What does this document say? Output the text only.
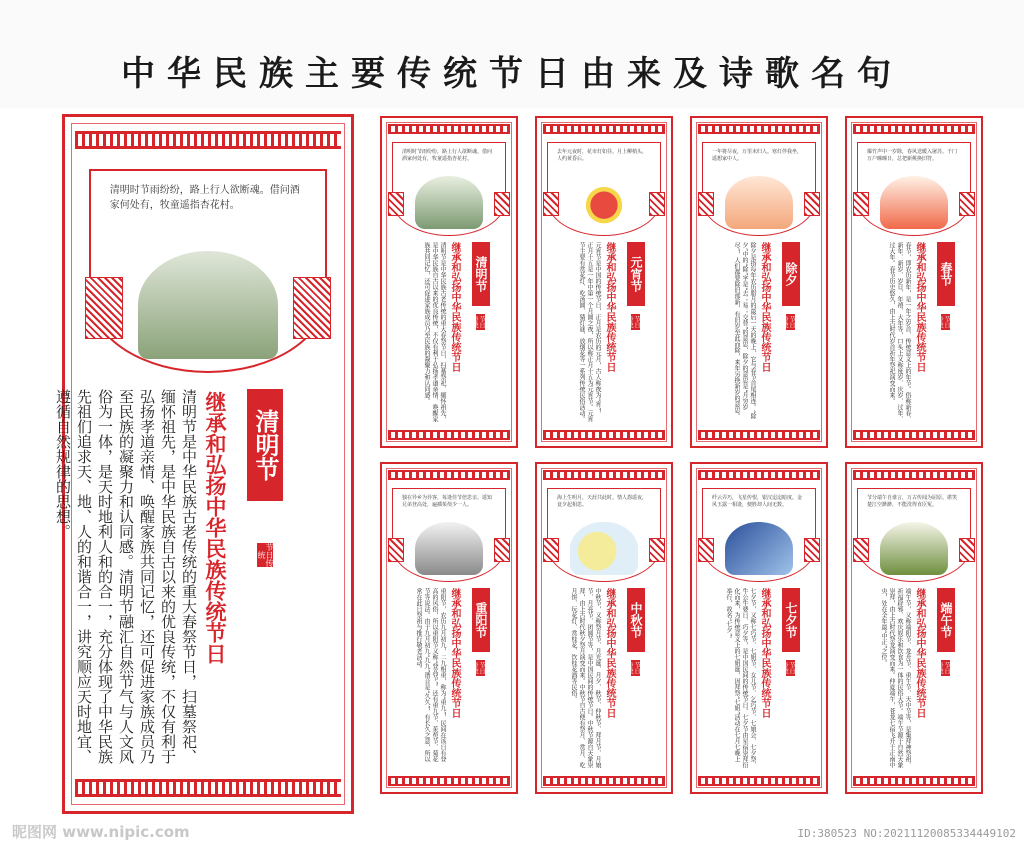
中华民族主要传统节日由来及诗歌名句
清明时节雨纷纷，路上行人欲断魂。借问酒家何处有，牧童遥指杏花村。
清明节
继承和弘扬中华民族传统节日	节日传统
清明节是中华民族古老传统的重大春祭节日，扫墓祭祀、缅怀祖先，是中华民族自古以来的优良传统，不仅有利于弘扬孝道亲情、唤醒家族共同记忆，还可促进家族成员乃至民族的凝聚力和认同感。清明节融汇自然节气与人文风俗为一体，是天时地利人和的合一，充分体现了中华民族先祖们追求天、地、人的和谐合一，讲究顺应天时地宜、遵循自然规律的思想。
清明时节雨纷纷，路上行人欲断魂。借问酒家何处有，牧童遥指杏花村。
清明节
继承和弘扬中华民族传统节日	节日传统
清明节是中华民族古老传统的重大春祭节日，扫墓祭祀、缅怀祖先，是中华民族自古以来的优良传统，不仅有利于弘扬孝道亲情、唤醒家族共同记忆，还可促进家族成员乃至民族的凝聚力和认同感。
去年元夜时，花市灯如昼。月上柳梢头，人约黄昏后。
元宵节
继承和弘扬中华民族传统节日	节日传统
元宵节是中国的传统节日，正月是农历的元月，古人称夜为“宵”，正月十五是一年中第一个月圆之夜，所以称正月十五为元宵节。元宵节主要有赏花灯、吃汤圆、猜灯谜、放烟花等一系列传统民俗活动。
一年将尽夜，万里未归人。寒灯伴我坐，遥想家中人。
除夕
继承和弘扬中华民族传统节日	节日传统
除夕是指每年农历腊月的最后一天的晚上，它与春节首尾相连。“除夕”中的“除”字是“去；易；交替”的意思，除夕的意思是“月穷岁尽”，人们都要除旧部新，有旧岁至此而除，来年另换新岁的意思。
爆竹声中一岁除，春风送暖入屠苏。千门万户曈曈日，总把新桃换旧符。
春节
继承和弘扬中华民族传统节日	节日传统
春节，即农历新年，是一年之岁首、传统意义上的年节。俗称新春、新年、新岁、岁旦、年禧、大年等，口头上又称度岁、庆岁、过年、过大年。春节历史悠久，由上古时代岁首祈年祭祀演变而来。
独在异乡为异客，每逢佳节倍思亲。遥知兄弟登高处，遍插茱萸少一人。
重阳节
继承和弘扬中华民族传统节日	节日传统
重阳节，农历九月初九，二九相重，称为“重九”，民间在该日有登高的风俗，所以重阳节又称“登高节”。还有重九节、茱萸节、菊花节等说法。由于九月初九“九九”谐音是“久久”，有长久之意，所以常在此日祭祖与推行敬老活动。
海上生明月，天涯共此时。情人怨遥夜，竟夕起相思。
中秋节
继承和弘扬中华民族传统节日	节日传统
中秋节，又称祭月节、月光诞、月夕、秋节、仲秋节、拜月节、月娘节、月亮节、团圆节等，是中国民间的传统节日。中秋节源自天象崇拜，由上古时代秋夕祭月演变而来。中秋节自古便有祭月、赏月、吃月饼、玩花灯、赏桂花、饮桂花酒等民俗。
纤云弄巧，飞星传恨，银汉迢迢暗度。金风玉露一相逢，便胜却人间无数。
七夕节
继承和弘扬中华民族传统节日	节日传统
七夕节，又称七巧节、七姐节、女儿节、乞巧节、七娘会、七夕祭、牛公牛婆日、巧夕等，是中国民间的传统节日。七夕节由星宿崇拜衍化而来，为传统意义上的七姐诞，因拜祭“七姐”活动在七月七晚上举行，故名“七夕”。
节分端午自谁言，万古传闻为屈原。堪笑楚江空渺渺，不能洗得直臣冤。
端午节
继承和弘扬中华民族传统节日	节日传统
端午节，又称端阳节、龙舟节、重午节、天中节等，是集拜神祭祖、祈福辟邪、欢庆娱乐和饮食为一体的民俗大节。端午节源于自然天象崇拜，由上古时代祭龙演变而来。仲夏端午，苍龙七宿飞升于正南中央，处在全年最“中正”之位。
昵图网 www.nipic.com	ID:380523 NO:20211120085334449102
